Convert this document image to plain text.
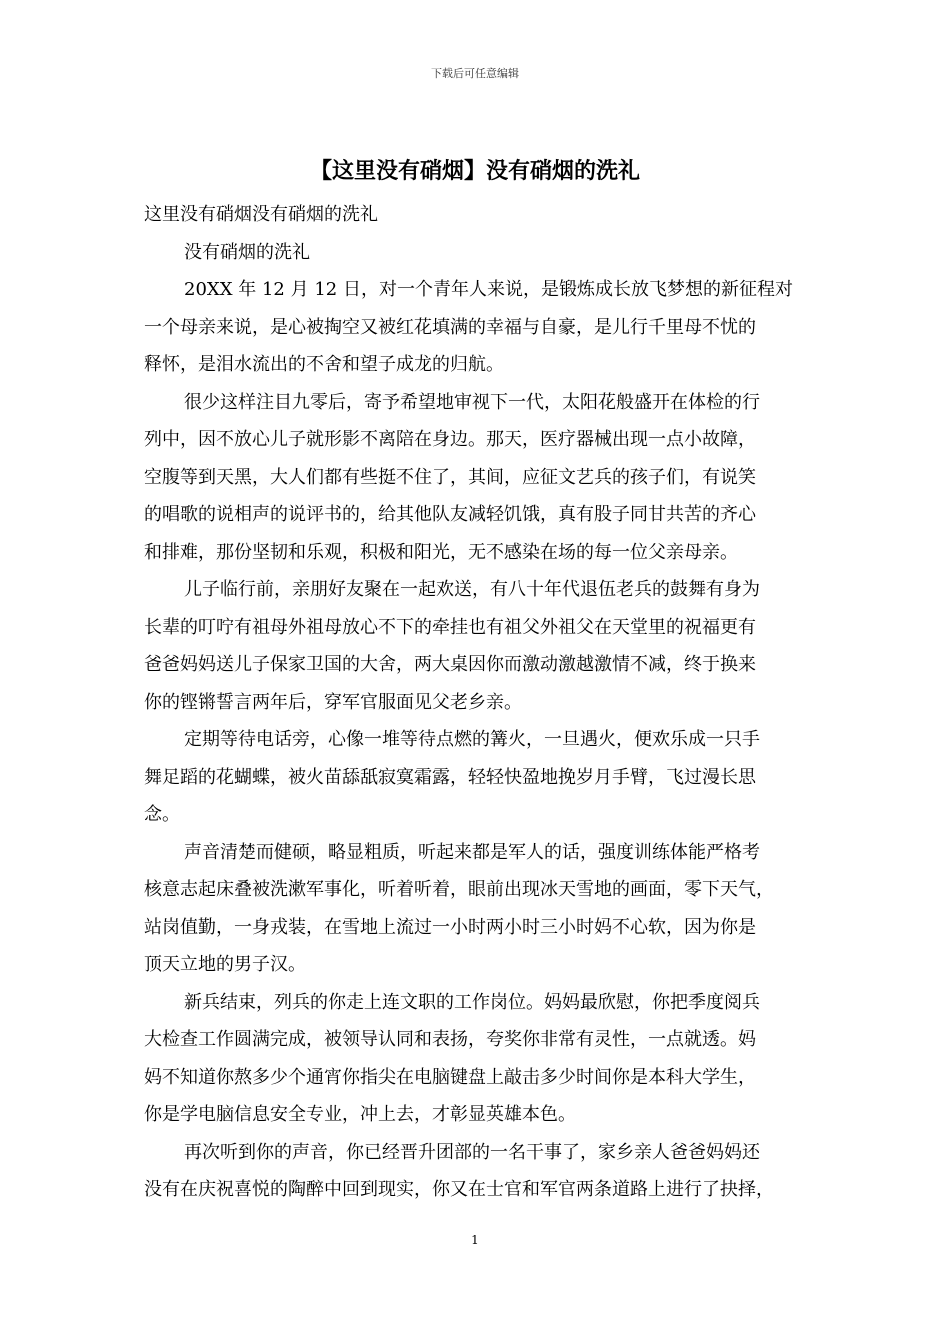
下载后可任意编辑
【这里没有硝烟】没有硝烟的洗礼

这里没有硝烟没有硝烟的洗礼

没有硝烟的洗礼

20XX 年 12 月 12 日，对一个青年人来说，是锻炼成长放飞梦想的新征程对

一个母亲来说，是心被掏空又被红花填满的幸福与自豪，是儿行千里母不忧的

释怀，是泪水流出的不舍和望子成龙的归航。

很少这样注目九零后，寄予希望地审视下一代，太阳花般盛开在体检的行

列中，因不放心儿子就形影不离陪在身边。那天，医疗器械出现一点小故障，

空腹等到天黑，大人们都有些挺不住了，其间，应征文艺兵的孩子们，有说笑

的唱歌的说相声的说评书的，给其他队友减轻饥饿，真有股子同甘共苦的齐心

和排难，那份坚韧和乐观，积极和阳光，无不感染在场的每一位父亲母亲。

儿子临行前，亲朋好友聚在一起欢送，有八十年代退伍老兵的鼓舞有身为

长辈的叮咛有祖母外祖母放心不下的牵挂也有祖父外祖父在天堂里的祝福更有

爸爸妈妈送儿子保家卫国的大舍，两大桌因你而激动激越激情不减，终于换来

你的铿锵誓言两年后，穿军官服面见父老乡亲。

定期等待电话旁，心像一堆等待点燃的篝火，一旦遇火，便欢乐成一只手

舞足蹈的花蝴蝶，被火苗舔舐寂寞霜露，轻轻快盈地挽岁月手臂，飞过漫长思

念。

声音清楚而健硕，略显粗质，听起来都是军人的话，强度训练体能严格考

核意志起床叠被洗漱军事化，听着听着，眼前出现冰天雪地的画面，零下天气，

站岗值勤，一身戎装，在雪地上流过一小时两小时三小时妈不心软，因为你是

顶天立地的男子汉。

新兵结束，列兵的你走上连文职的工作岗位。妈妈最欣慰，你把季度阅兵

大检查工作圆满完成，被领导认同和表扬，夸奖你非常有灵性，一点就透。妈

妈不知道你熬多少个通宵你指尖在电脑键盘上敲击多少时间你是本科大学生，

你是学电脑信息安全专业，冲上去，才彰显英雄本色。

再次听到你的声音，你已经晋升团部的一名干事了，家乡亲人爸爸妈妈还

没有在庆祝喜悦的陶醉中回到现实，你又在士官和军官两条道路上进行了抉择，

1
